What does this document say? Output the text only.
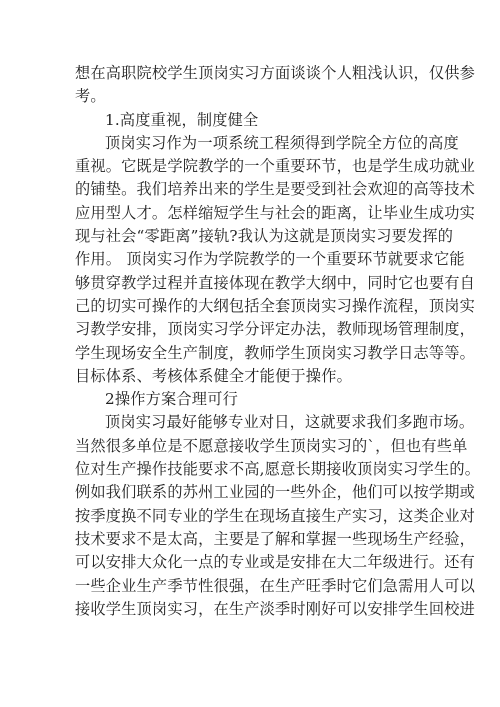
想在高职院校学生顶岗实习方面谈谈个人粗浅认识，仅供参
考。
1.高度重视，制度健全
顶岗实习作为一项系统工程须得到学院全方位的高度
重视。它既是学院教学的一个重要环节，也是学生成功就业
的铺垫。我们培养出来的学生是要受到社会欢迎的高等技术
应用型人才。怎样缩短学生与社会的距离，让毕业生成功实
现与社会“零距离”接轨?我认为这就是顶岗实习要发挥的
作用。 顶岗实习作为学院教学的一个重要环节就要求它能
够贯穿教学过程并直接体现在教学大纲中，同时它也要有自
己的切实可操作的大纲包括全套顶岗实习操作流程，顶岗实
习教学安排，顶岗实习学分评定办法，教师现场管理制度，
学生现场安全生产制度，教师学生顶岗实习教学日志等等。
目标体系、考核体系健全才能便于操作。
2操作方案合理可行
顶岗实习最好能够专业对日，这就要求我们多跑市场。
当然很多单位是不愿意接收学生顶岗实习的`，但也有些单
位对生产操作技能要求不高,愿意长期接收顶岗实习学生的。
例如我们联系的苏州工业园的一些外企，他们可以按学期或
按季度换不同专业的学生在现场直接生产实习，这类企业对
技术要求不是太高，主要是了解和掌握一些现场生产经验，
可以安排大众化一点的专业或是安排在大二年级进行。还有
一些企业生产季节性很强，在生产旺季时它们急需用人可以
接收学生顶岗实习，在生产淡季时刚好可以安排学生回校进
